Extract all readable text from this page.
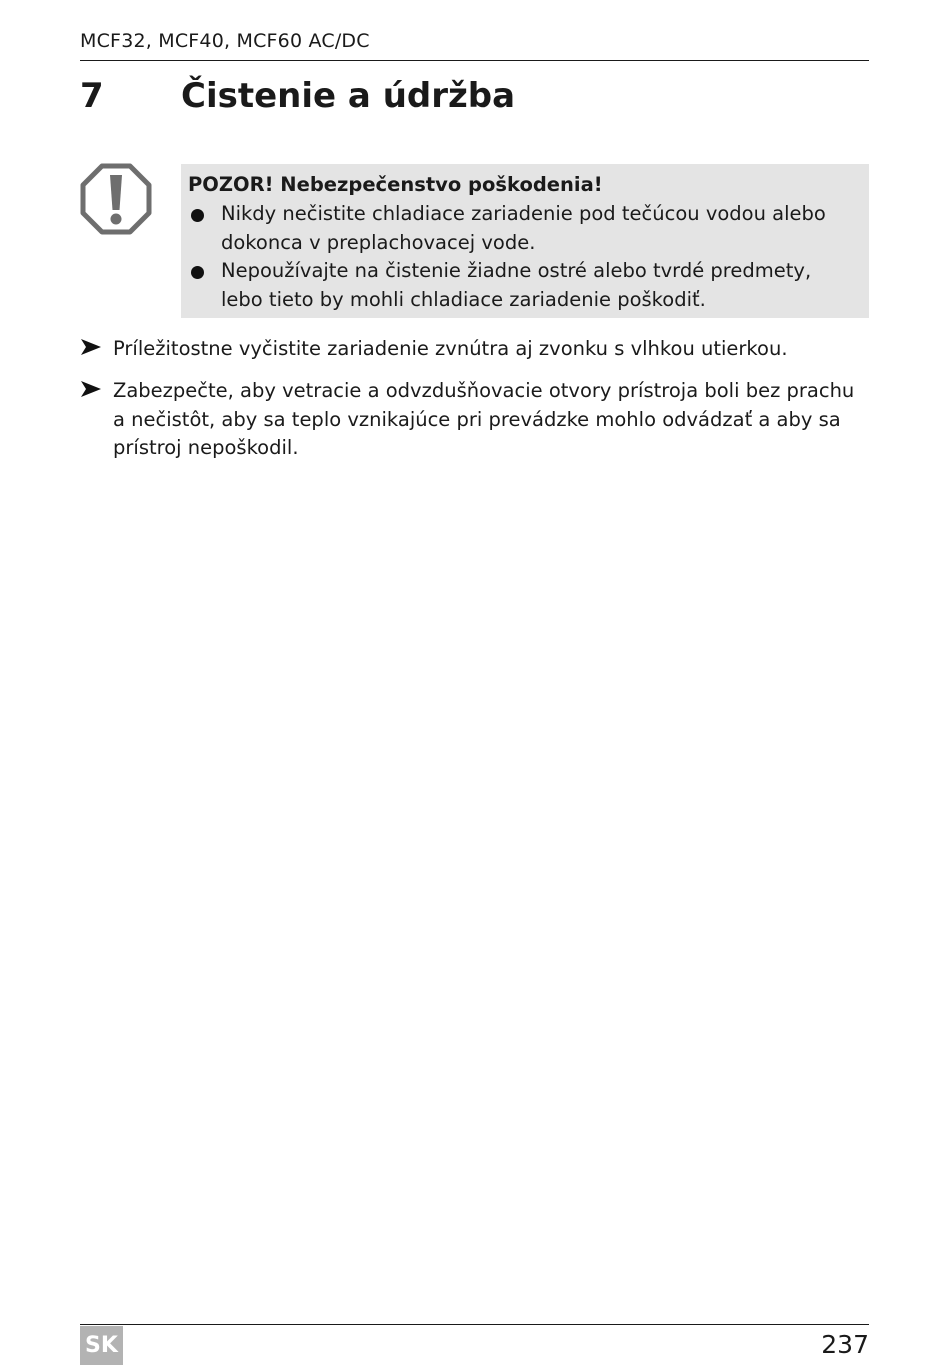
MCF32, MCF40, MCF60 AC/DC
7 Čistenie a údržba
POZOR! Nebezpečenstvo poškodenia!
Nikdy nečistite chladiace zariadenie pod tečúcou vodou alebo dokonca v preplachovacej vode.
Nepoužívajte na čistenie žiadne ostré alebo tvrdé predmety, lebo tieto by mohli chladiace zariadenie poškodiť.
Príležitostne vyčistite zariadenie zvnútra aj zvonku s vlhkou utierkou.
Zabezpečte, aby vetracie a odvzdušňovacie otvory prístroja boli bez prachu a nečistôt, aby sa teplo vznikajúce pri prevádzke mohlo odvádzať a aby sa prístroj nepoškodil.
SK	237
